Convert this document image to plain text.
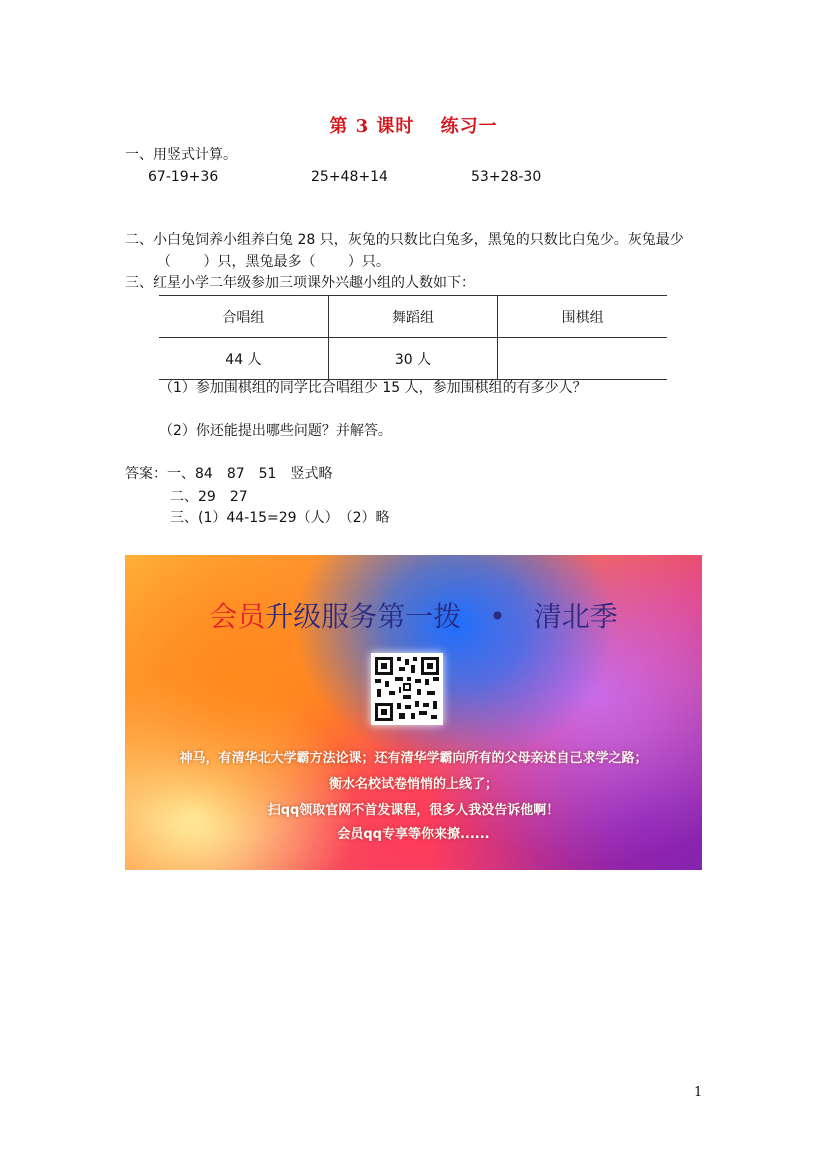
第 3 课时　 练习一
一、用竖式计算。
67-19+36	25+48+14	53+28-30
二、小白兔饲养小组养白兔 28 只，灰兔的只数比白兔多，黑兔的只数比白兔少。灰兔最少
（　　 ）只，黑兔最多（　　 ）只。
三、红星小学二年级参加三项课外兴趣小组的人数如下：
合唱组	舞蹈组	围棋组
44 人	30 人	
（1）参加围棋组的同学比合唱组少 15 人，参加围棋组的有多少人？
（2）你还能提出哪些问题？并解答。
答案：一、84　87　51　竖式略
二、29　27
三、(1）44-15=29（人）　（2）略
会员升级服务第一拨　•　清北季
神马，有清华北大学霸方法论课；还有清华学霸向所有的父母亲述自己求学之路；
衡水名校试卷悄悄的上线了；
扫qq领取官网不首发课程，很多人我没告诉他啊！
会员qq专享等你来撩......
1
